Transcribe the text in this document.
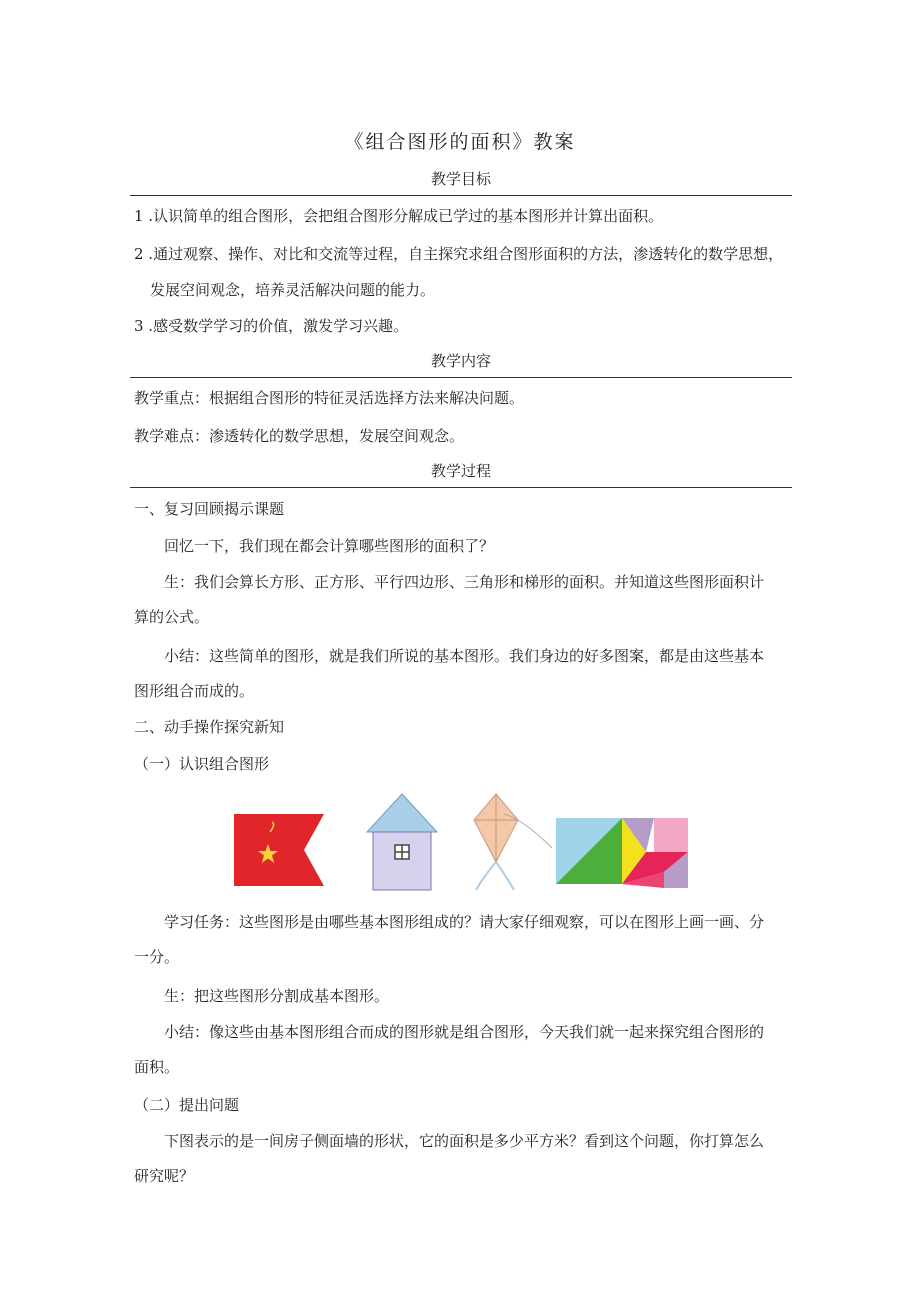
《组合图形的面积》教案
教学目标
1 .认识简单的组合图形，会把组合图形分解成已学过的基本图形并计算出面积。
2 .通过观察、操作、对比和交流等过程，自主探究求组合图形面积的方法，渗透转化的数学思想，
发展空间观念，培养灵活解决问题的能力。
3 .感受数学学习的价值，激发学习兴趣。
教学内容
教学重点：根据组合图形的特征灵活选择方法来解决问题。
教学难点：渗透转化的数学思想，发展空间观念。
教学过程
一、复习回顾揭示课题
回忆一下，我们现在都会计算哪些图形的面积了？
生：我们会算长方形、正方形、平行四边形、三角形和梯形的面积。并知道这些图形面积计
算的公式。
小结：这些简单的图形，就是我们所说的基本图形。我们身边的好多图案，都是由这些基本
图形组合而成的。
二、动手操作探究新知
（一）认识组合图形
学习任务：这些图形是由哪些基本图形组成的？请大家仔细观察，可以在图形上画一画、分
一分。
生：把这些图形分割成基本图形。
小结：像这些由基本图形组合而成的图形就是组合图形，今天我们就一起来探究组合图形的
面积。
（二）提出问题
下图表示的是一间房子侧面墙的形状，它的面积是多少平方米？看到这个问题，你打算怎么
研究呢？
